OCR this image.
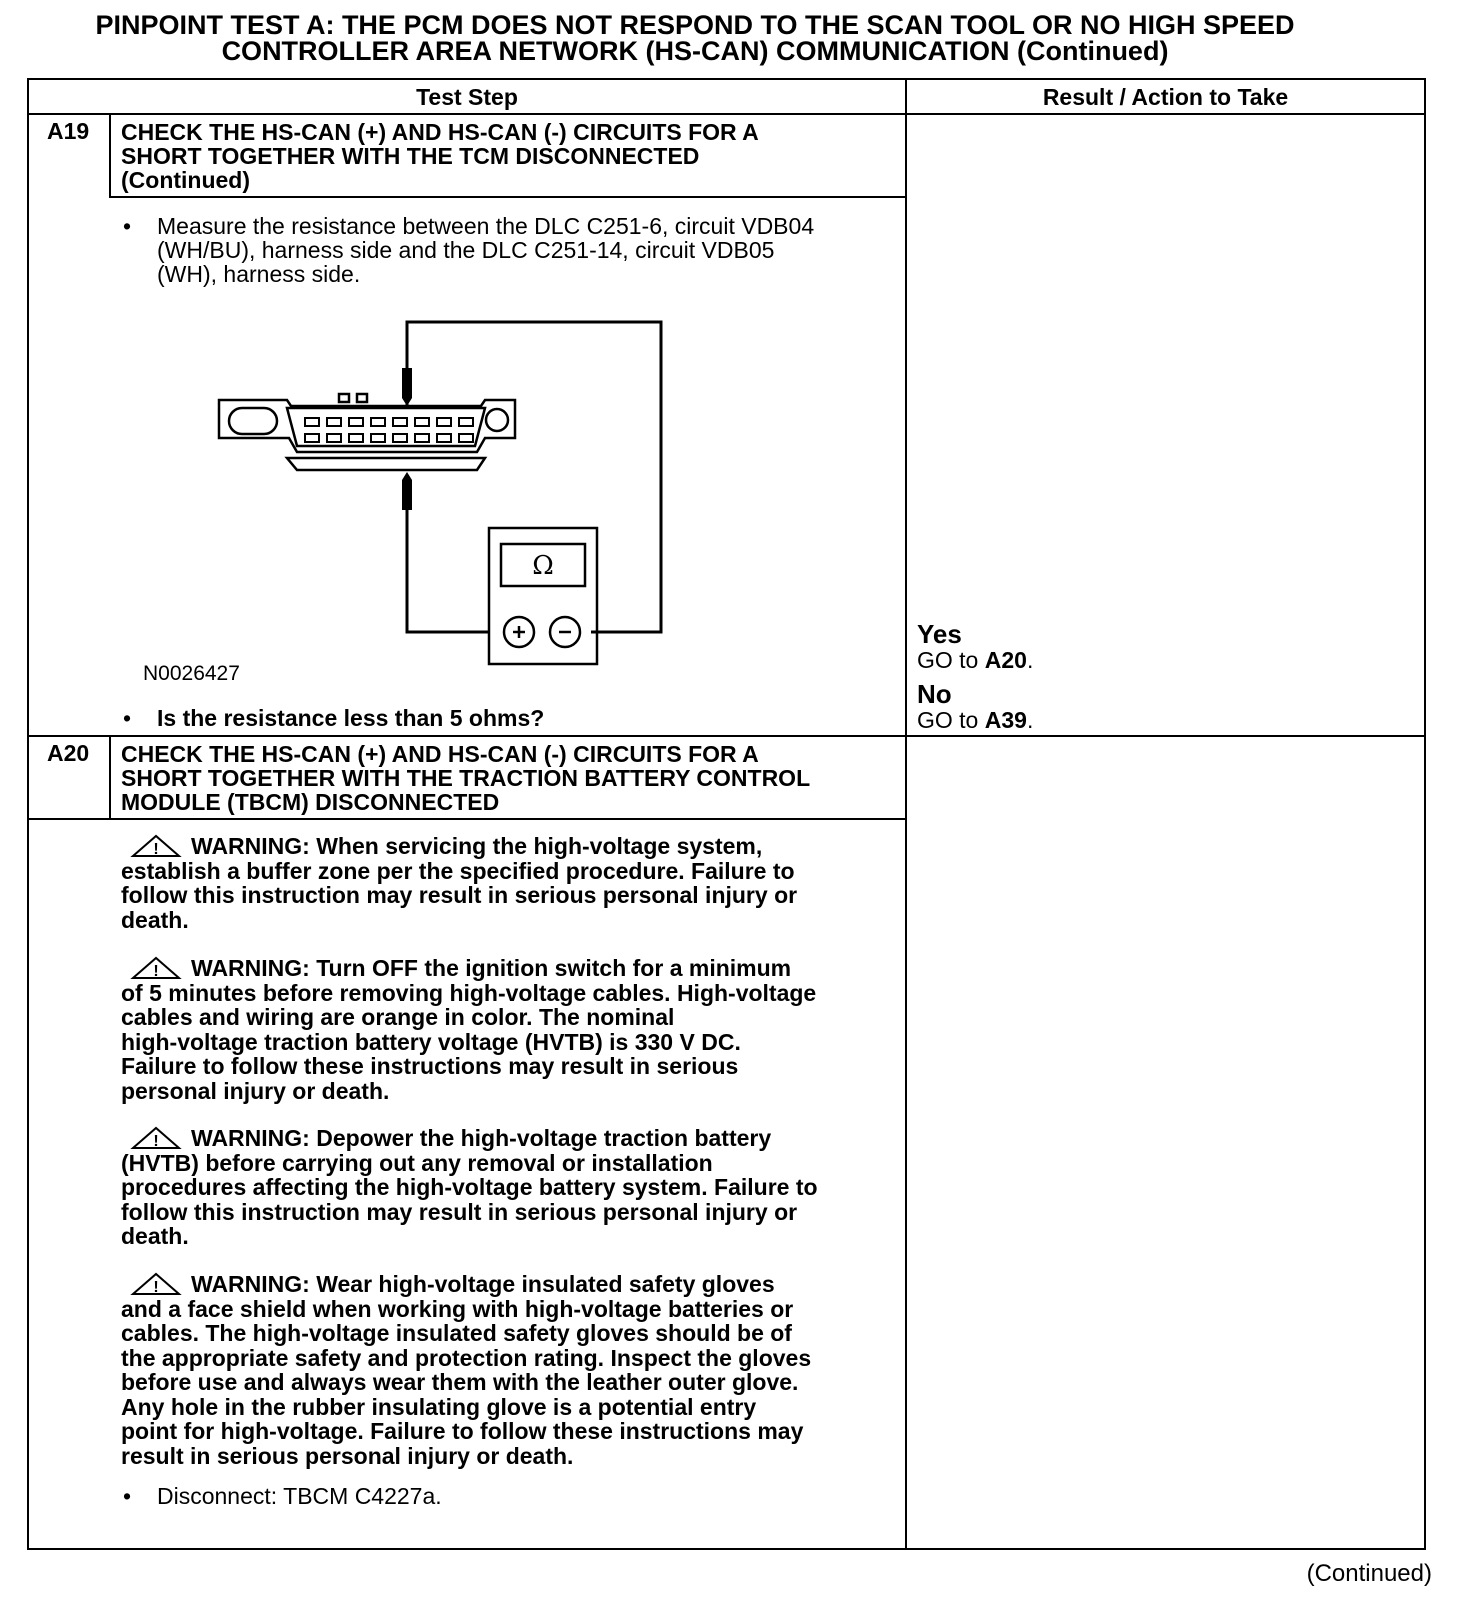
PINPOINT TEST A: THE PCM DOES NOT RESPOND TO THE SCAN TOOL OR NO HIGH SPEED
CONTROLLER AREA NETWORK (HS-CAN) COMMUNICATION (Continued)
Test Step	Result / Action to Take
A19 CHECK THE HS-CAN (+) AND HS-CAN (-) CIRCUITS FOR A
SHORT TOGETHER WITH THE TCM DISCONNECTED
(Continued)
• Measure the resistance between the DLC C251-6, circuit VDB04
(WH/BU), harness side and the DLC C251-14, circuit VDB05
(WH), harness side.
Ω
N0026427
• Is the resistance less than 5 ohms?
Yes
GO to A20.
No
GO to A39.
A20 CHECK THE HS-CAN (+) AND HS-CAN (-) CIRCUITS FOR A
SHORT TOGETHER WITH THE TRACTION BATTERY CONTROL
MODULE (TBCM) DISCONNECTED
! WARNING: When servicing the high-voltage system,
establish a buffer zone per the specified procedure. Failure to
follow this instruction may result in serious personal injury or
death.
! WARNING: Turn OFF the ignition switch for a minimum
of 5 minutes before removing high-voltage cables. High-voltage
cables and wiring are orange in color. The nominal
high-voltage traction battery voltage (HVTB) is 330 V DC.
Failure to follow these instructions may result in serious
personal injury or death.
! WARNING: Depower the high-voltage traction battery
(HVTB) before carrying out any removal or installation
procedures affecting the high-voltage battery system. Failure to
follow this instruction may result in serious personal injury or
death.
! WARNING: Wear high-voltage insulated safety gloves
and a face shield when working with high-voltage batteries or
cables. The high-voltage insulated safety gloves should be of
the appropriate safety and protection rating. Inspect the gloves
before use and always wear them with the leather outer glove.
Any hole in the rubber insulating glove is a potential entry
point for high-voltage. Failure to follow these instructions may
result in serious personal injury or death.
• Disconnect: TBCM C4227a.
(Continued)
